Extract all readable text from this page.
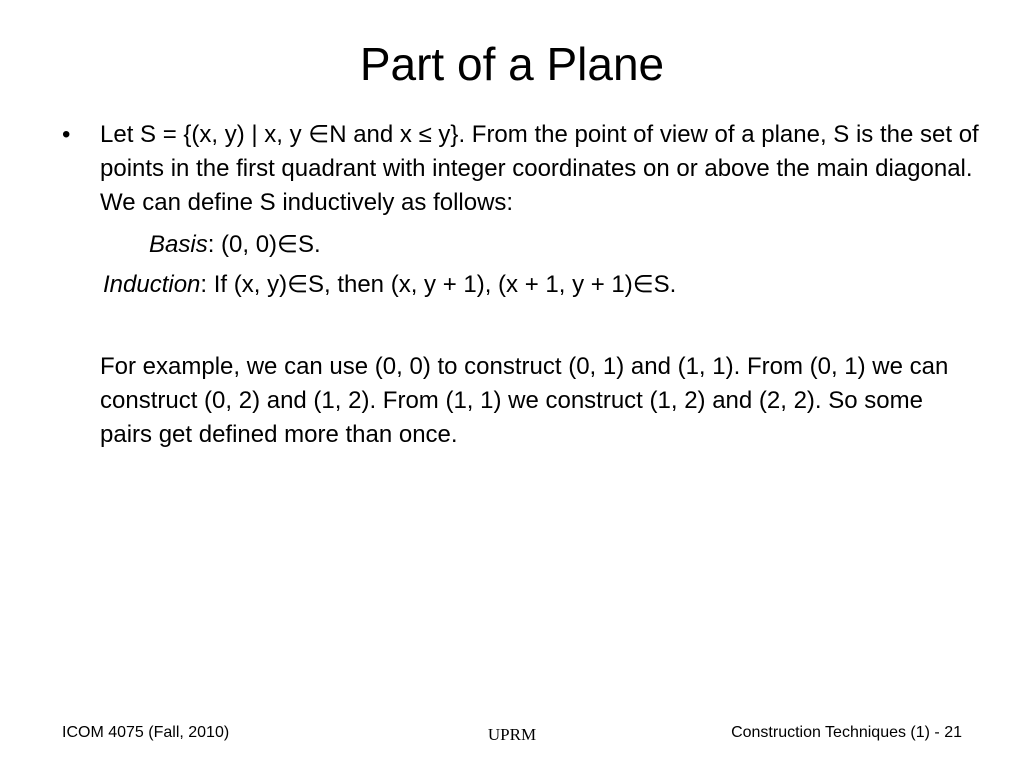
Part of a Plane
• Let S = {(x, y) | x, y ∈N and x ≤ y}. From the point of view of a plane, S is the set of points in the first quadrant with integer coordinates on or above the main diagonal. We can define S inductively as follows:
Basis: (0, 0)∈S.
Induction: If (x, y)∈S, then (x, y + 1), (x + 1, y + 1)∈S.
For example, we can use (0, 0) to construct (0, 1) and (1, 1). From (0, 1) we can construct (0, 2) and (1, 2). From (1, 1) we construct (1, 2) and (2, 2). So some pairs get defined more than once.
ICOM 4075 (Fall, 2010)	UPRM	Construction Techniques (1) - 21
